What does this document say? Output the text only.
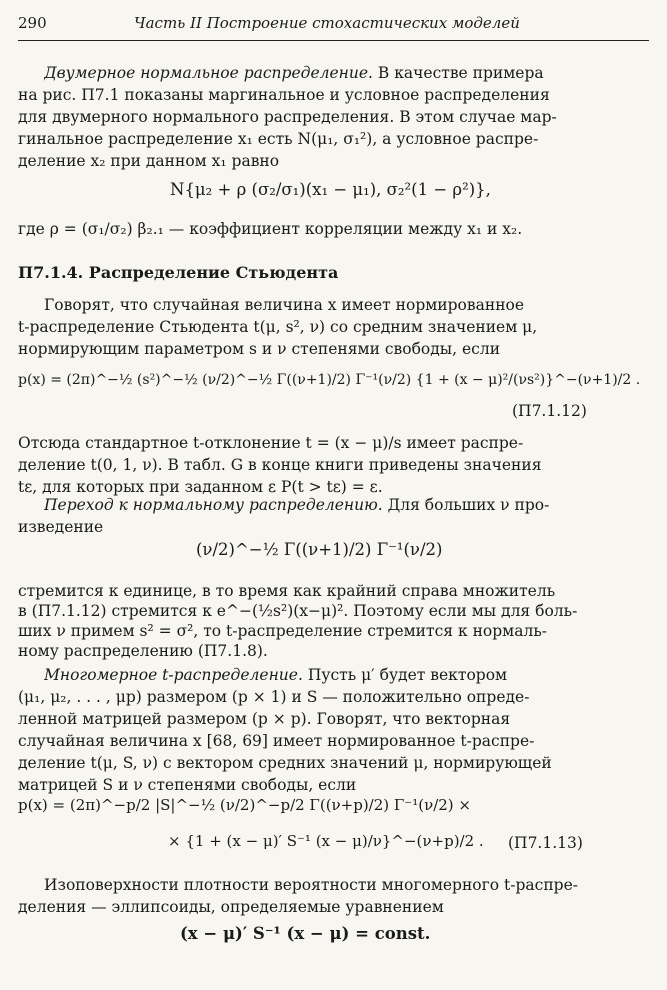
290	Часть II Построение стохастических моделей
Двумерное нормальное распределение. В качестве примера
на рис. П7.1 показаны маргинальное и условное распределения
для двумерного нормального распределения. В этом случае мар-
гинальное распределение x₁ есть N(μ₁, σ₁²), а условное распре-
деление x₂ при данном x₁ равно
N{μ₂ + ρ (σ₂/σ₁)(x₁ − μ₁), σ₂²(1 − ρ²)},
где ρ = (σ₁/σ₂) β₂.₁ — коэффициент корреляции между x₁ и x₂.
П7.1.4. Распределение Стьюдента
Говорят, что случайная величина x имеет нормированное
t-распределение Стьюдента t(μ, s², ν) со средним значением μ,
нормирующим параметром s и ν степенями свободы, если
p(x) = (2π)^−½ (s²)^−½ (ν/2)^−½ Γ((ν+1)/2) Γ⁻¹(ν/2) {1 + (x − μ)²/(νs²)}^−(ν+1)/2 .
(П7.1.12)
Отсюда стандартное t-отклонение t = (x − μ)/s имеет распре-
деление t(0, 1, ν). В табл. G в конце книги приведены значения
tε, для которых при заданном ε P(t > tε) = ε.
Переход к нормальному распределению. Для больших ν про-
изведение
(ν/2)^−½ Γ((ν+1)/2) Γ⁻¹(ν/2)
стремится к единице, в то время как крайний справа множитель
в (П7.1.12) стремится к e^−(½s²)(x−μ)². Поэтому если мы для боль-
ших ν примем s² = σ², то t-распределение стремится к нормаль-
ному распределению (П7.1.8).
Многомерное t-распределение. Пусть μ′ будет вектором
(μ₁, μ₂, . . . , μp) размером (p × 1) и S — положительно опреде-
ленной матрицей размером (p × p). Говорят, что векторная
случайная величина x [68, 69] имеет нормированное t-распре-
деление t(μ, S, ν) с вектором средних значений μ, нормирующей
матрицей S и ν степенями свободы, если
p(x) = (2π)^−p/2 |S|^−½ (ν/2)^−p/2 Γ((ν+p)/2) Γ⁻¹(ν/2) ×
× {1 + (x − μ)′ S⁻¹ (x − μ)/ν}^−(ν+p)/2 . (П7.1.13)
Изоповерхности плотности вероятности многомерного t-распре-
деления — эллипсоиды, определяемые уравнением
(x − μ)′ S⁻¹ (x − μ) = const.
